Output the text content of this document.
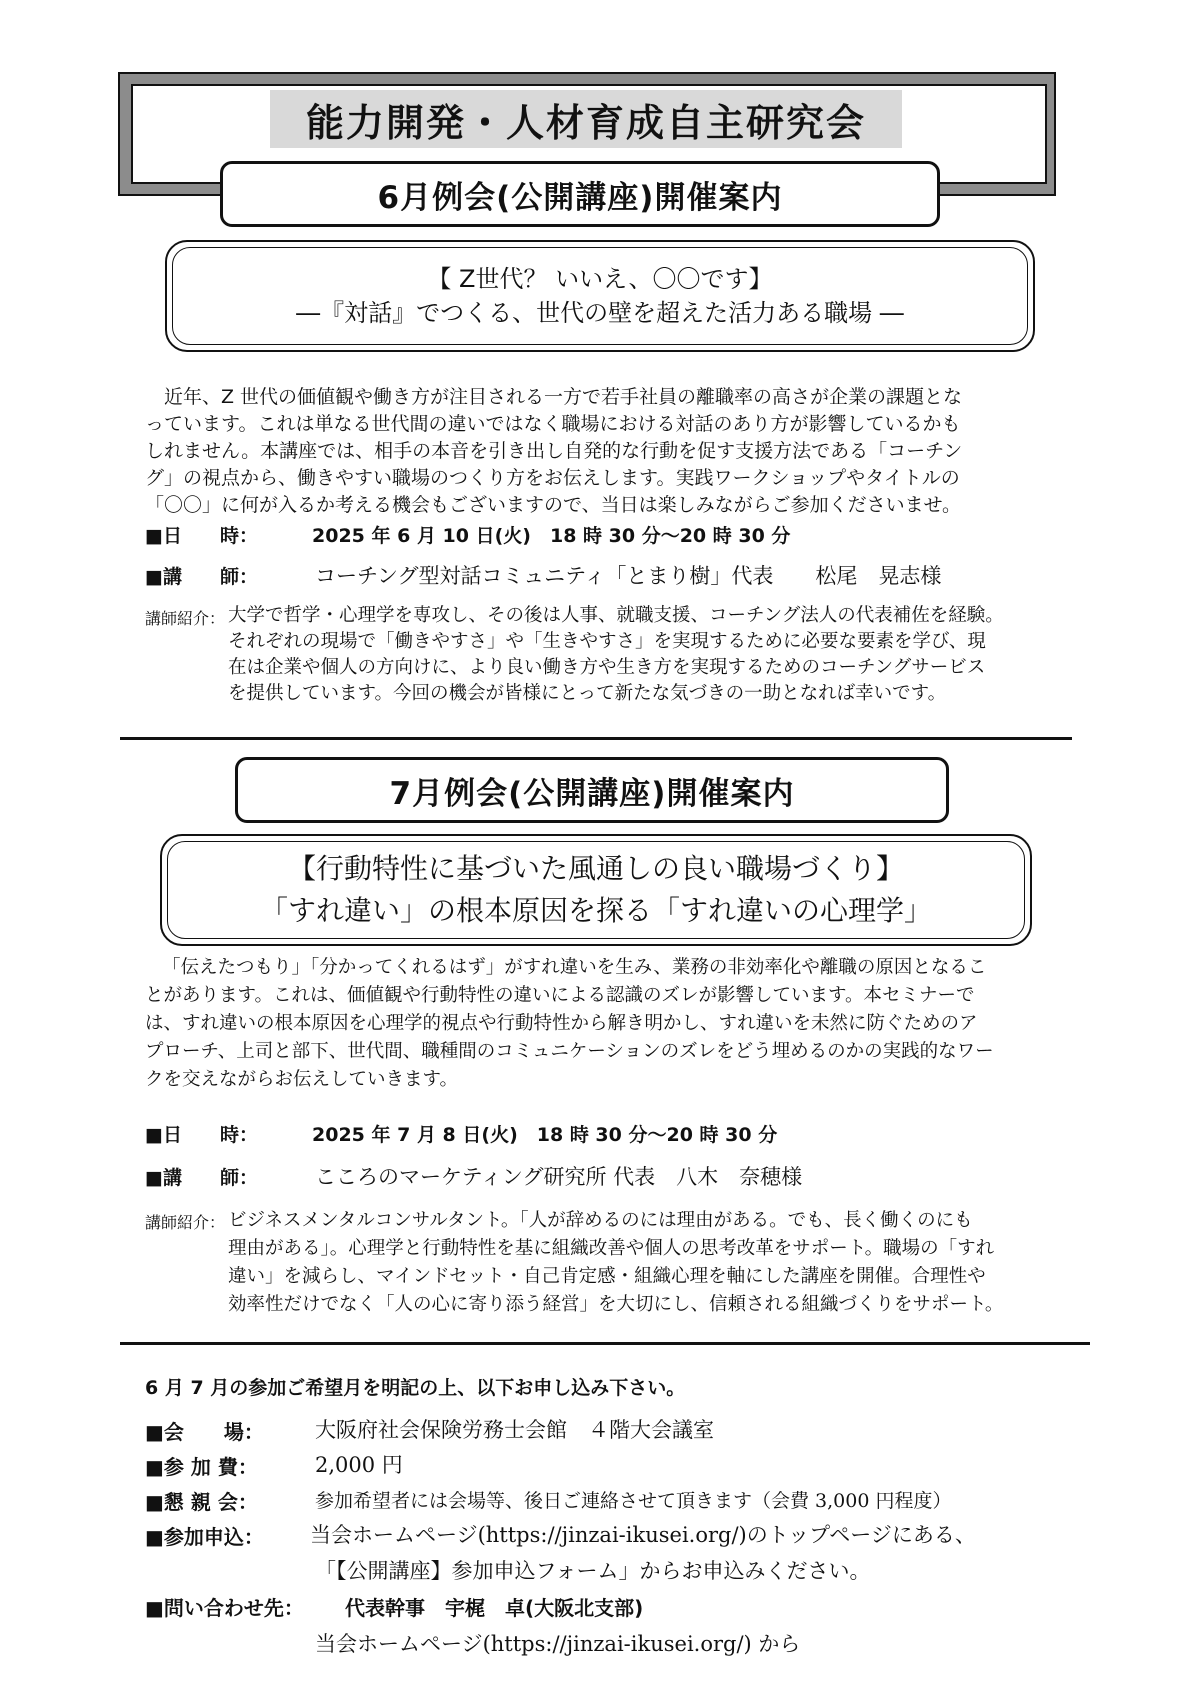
能力開発・人材育成自主研究会
6月例会(公開講座)開催案内
【 Z世代？ いいえ、〇〇です】
―『対話』でつくる、世代の壁を超えた活力ある職場 ―
近年、Z 世代の価値観や働き方が注目される一方で若手社員の離職率の高さが企業の課題とな
っています。これは単なる世代間の違いではなく職場における対話のあり方が影響しているかも
しれません。本講座では、相手の本音を引き出し自発的な行動を促す支援方法である「コーチン
グ」の視点から、働きやすい職場のつくり方をお伝えします。実践ワークショップやタイトルの
「〇〇」に何が入るか考える機会もございますので、当日は楽しみながらご参加くださいませ。
■日　　時：	2025 年 6 月 10 日(火)　18 時 30 分～20 時 30 分
■講　　師：	コーチング型対話コミュニティ「とまり樹」代表　　松尾　晃志様
講師紹介： 大学で哲学・心理学を専攻し、その後は人事、就職支援、コーチング法人の代表補佐を経験。
それぞれの現場で「働きやすさ」や「生きやすさ」を実現するために必要な要素を学び、現
在は企業や個人の方向けに、より良い働き方や生き方を実現するためのコーチングサービス
を提供しています。今回の機会が皆様にとって新たな気づきの一助となれば幸いです。
7月例会(公開講座)開催案内
【行動特性に基づいた風通しの良い職場づくり】
「すれ違い」の根本原因を探る「すれ違いの心理学」
「伝えたつもり」「分かってくれるはず」がすれ違いを生み、業務の非効率化や離職の原因となるこ
とがあります。これは、価値観や行動特性の違いによる認識のズレが影響しています。本セミナーで
は、すれ違いの根本原因を心理学的視点や行動特性から解き明かし、すれ違いを未然に防ぐためのア
プローチ、上司と部下、世代間、職種間のコミュニケーションのズレをどう埋めるのかの実践的なワー
クを交えながらお伝えしていきます。
■日　　時：	2025 年 7 月 8 日(火)　18 時 30 分～20 時 30 分
■講　　師：	こころのマーケティング研究所 代表　八木　奈穂様
講師紹介： ビジネスメンタルコンサルタント。「人が辞めるのには理由がある。でも、長く働くのにも
理由がある」。心理学と行動特性を基に組織改善や個人の思考改革をサポート。職場の「すれ
違い」を減らし、マインドセット・自己肯定感・組織心理を軸にした講座を開催。合理性や
効率性だけでなく「人の心に寄り添う経営」を大切にし、信頼される組織づくりをサポート。
6 月 7 月の参加ご希望月を明記の上、以下お申し込み下さい。
■会　　場： 大阪府社会保険労務士会館　４階大会議室
■参 加 費：	2,000 円
■懇 親 会：	参加希望者には会場等、後日ご連絡させて頂きます（会費 3,000 円程度）
■参加申込： 当会ホームページ(https://jinzai-ikusei.org/)のトップページにある、
「【公開講座】参加申込フォーム」からお申込みください。
■問い合わせ先： 代表幹事　宇梶　卓(大阪北支部)
当会ホームページ(https://jinzai-ikusei.org/) から
